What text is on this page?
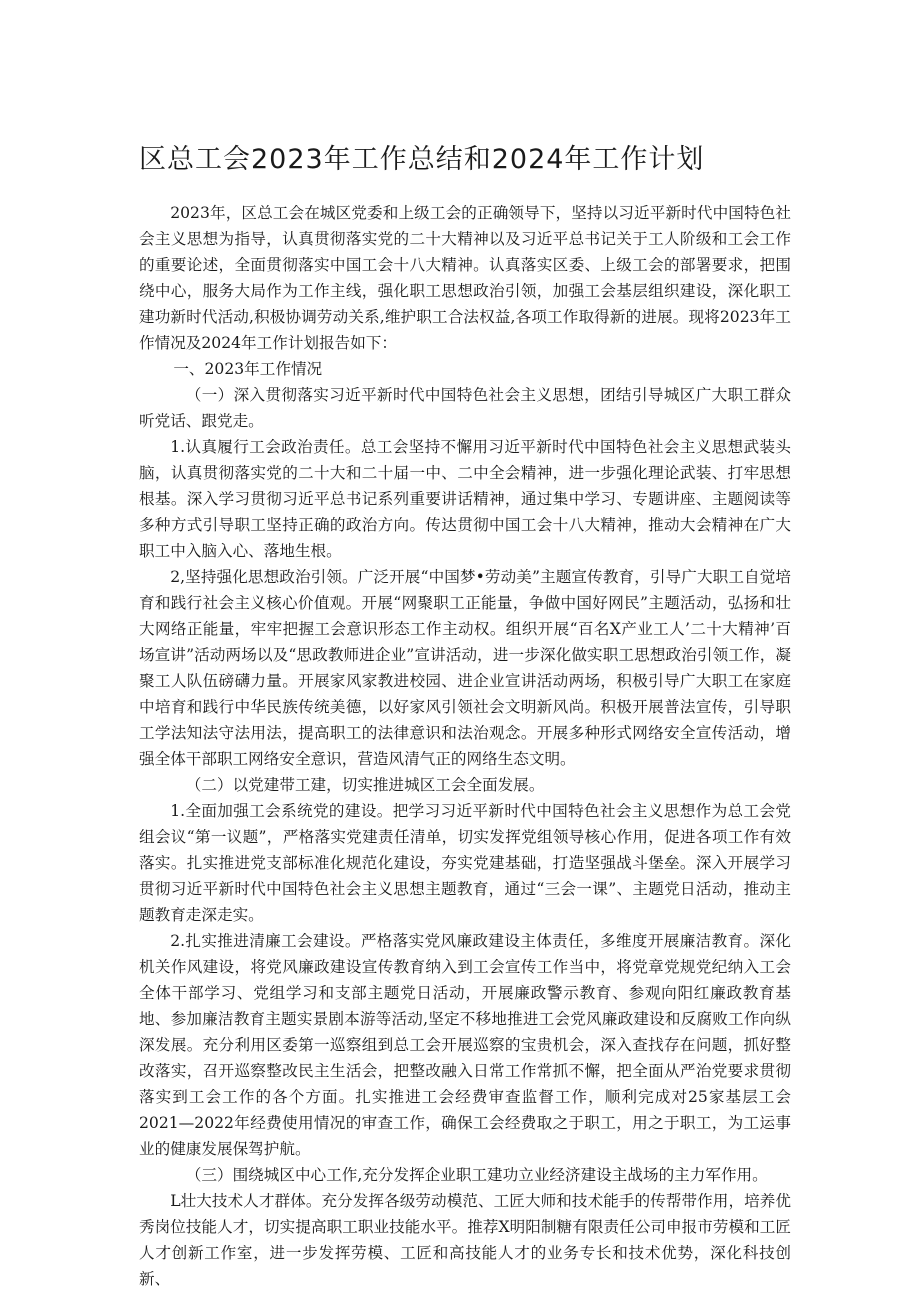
区总工会2023年工作总结和2024年工作计划

2023年，区总工会在城区党委和上级工会的正确领导下，坚持以习近平新时代中国特色社会主义思想为指导，认真贯彻落实党的二十大精神以及习近平总书记关于工人阶级和工会工作的重要论述，全面贯彻落实中国工会十八大精神。认真落实区委、上级工会的部署要求，把围绕中心，服务大局作为工作主线，强化职工思想政治引领，加强工会基层组织建设，深化职工建功新时代活动,积极协调劳动关系,维护职工合法权益,各项工作取得新的进展。现将2023年工作情况及2024年工作计划报告如下：

一、2023年工作情况

（一）深入贯彻落实习近平新时代中国特色社会主义思想，团结引导城区广大职工群众听党话、跟党走。

1.认真履行工会政治责任。总工会坚持不懈用习近平新时代中国特色社会主义思想武装头脑，认真贯彻落实党的二十大和二十届一中、二中全会精神，进一步强化理论武装、打牢思想根基。深入学习贯彻习近平总书记系列重要讲话精神，通过集中学习、专题讲座、主题阅读等多种方式引导职工坚持正确的政治方向。传达贯彻中国工会十八大精神，推动大会精神在广大职工中入脑入心、落地生根。

2,坚持强化思想政治引领。广泛开展“中国梦•劳动美”主题宣传教育，引导广大职工自觉培育和践行社会主义核心价值观。开展“网聚职工正能量，争做中国好网民”主题活动，弘扬和壮大网络正能量，牢牢把握工会意识形态工作主动权。组织开展“百名X产业工人’二十大精神’百场宣讲”活动两场以及“思政教师进企业”宣讲活动，进一步深化做实职工思想政治引领工作，凝聚工人队伍磅礴力量。开展家风家教进校园、进企业宣讲活动两场，积极引导广大职工在家庭中培育和践行中华民族传统美德，以好家风引领社会文明新风尚。积极开展普法宣传，引导职工学法知法守法用法，提高职工的法律意识和法治观念。开展多种形式网络安全宣传活动，增强全体干部职工网络安全意识，营造风清气正的网络生态文明。

（二）以党建带工建，切实推进城区工会全面发展。

1.全面加强工会系统党的建设。把学习习近平新时代中国特色社会主义思想作为总工会党组会议“第一议题”，严格落实党建责任清单，切实发挥党组领导核心作用，促进各项工作有效落实。扎实推进党支部标准化规范化建设，夯实党建基础，打造坚强战斗堡垒。深入开展学习贯彻习近平新时代中国特色社会主义思想主题教育，通过“三会一课”、主题党日活动，推动主题教育走深走实。

2.扎实推进清廉工会建设。严格落实党风廉政建设主体责任，多维度开展廉洁教育。深化机关作风建设，将党风廉政建设宣传教育纳入到工会宣传工作当中，将党章党规党纪纳入工会全体干部学习、党组学习和支部主题党日活动，开展廉政警示教育、参观向阳红廉政教育基地、参加廉洁教育主题实景剧本游等活动,坚定不移地推进工会党风廉政建设和反腐败工作向纵深发展。充分利用区委第一巡察组到总工会开展巡察的宝贵机会，深入查找存在问题，抓好整改落实，召开巡察整改民主生活会，把整改融入日常工作常抓不懈，把全面从严治党要求贯彻落实到工会工作的各个方面。扎实推进工会经费审查监督工作，顺利完成对25家基层工会2021—2022年经费使用情况的审查工作，确保工会经费取之于职工，用之于职工，为工运事业的健康发展保驾护航。

（三）围绕城区中心工作,充分发挥企业职工建功立业经济建设主战场的主力军作用。

L壮大技术人才群体。充分发挥各级劳动模范、工匠大师和技术能手的传帮带作用，培养优秀岗位技能人才，切实提高职工职业技能水平。推荐X明阳制糖有限责任公司申报市劳模和工匠人才创新工作室，进一步发挥劳模、工匠和高技能人才的业务专长和技术优势，深化科技创新、
